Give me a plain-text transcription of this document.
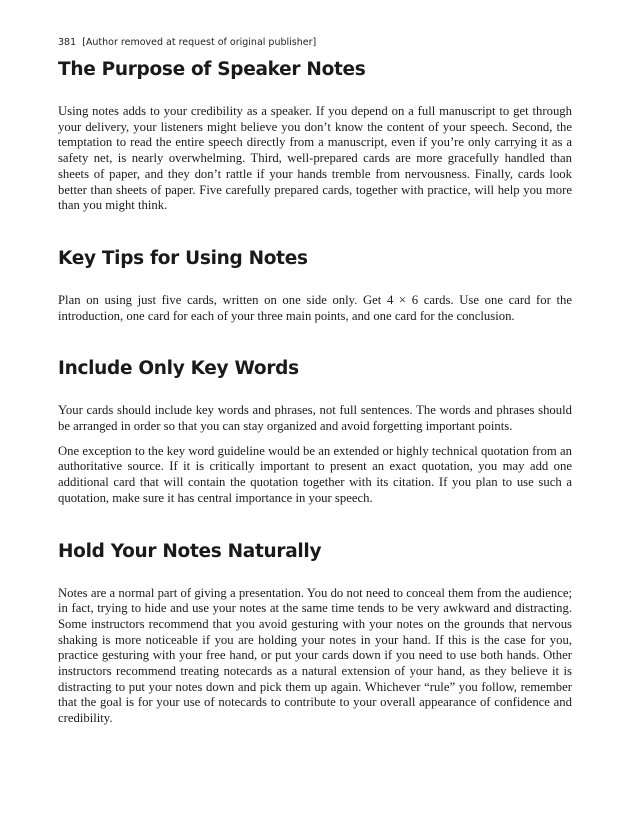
381 [Author removed at request of original publisher]
The Purpose of Speaker Notes

Using notes adds to your credibility as a speaker. If you depend on a full manuscript to get through your delivery, your listeners might believe you don’t know the content of your speech. Second, the temptation to read the entire speech directly from a manuscript, even if you’re only carrying it as a safety net, is nearly overwhelming. Third, well-prepared cards are more gracefully handled than sheets of paper, and they don’t rattle if your hands tremble from nervousness. Finally, cards look better than sheets of paper. Five carefully prepared cards, together with practice, will help you more than you might think.

Key Tips for Using Notes

Plan on using just five cards, written on one side only. Get 4 × 6 cards. Use one card for the introduction, one card for each of your three main points, and one card for the conclusion.

Include Only Key Words

Your cards should include key words and phrases, not full sentences. The words and phrases should be arranged in order so that you can stay organized and avoid forgetting important points.

One exception to the key word guideline would be an extended or highly technical quotation from an authoritative source. If it is critically important to present an exact quotation, you may add one additional card that will contain the quotation together with its citation. If you plan to use such a quotation, make sure it has central importance in your speech.

Hold Your Notes Naturally

Notes are a normal part of giving a presentation. You do not need to conceal them from the audience; in fact, trying to hide and use your notes at the same time tends to be very awkward and distracting. Some instructors recommend that you avoid gesturing with your notes on the grounds that nervous shaking is more noticeable if you are holding your notes in your hand. If this is the case for you, practice gesturing with your free hand, or put your cards down if you need to use both hands. Other instructors recommend treating notecards as a natural extension of your hand, as they believe it is distracting to put your notes down and pick them up again. Whichever “rule” you follow, remember that the goal is for your use of notecards to contribute to your overall appearance of confidence and credibility.
